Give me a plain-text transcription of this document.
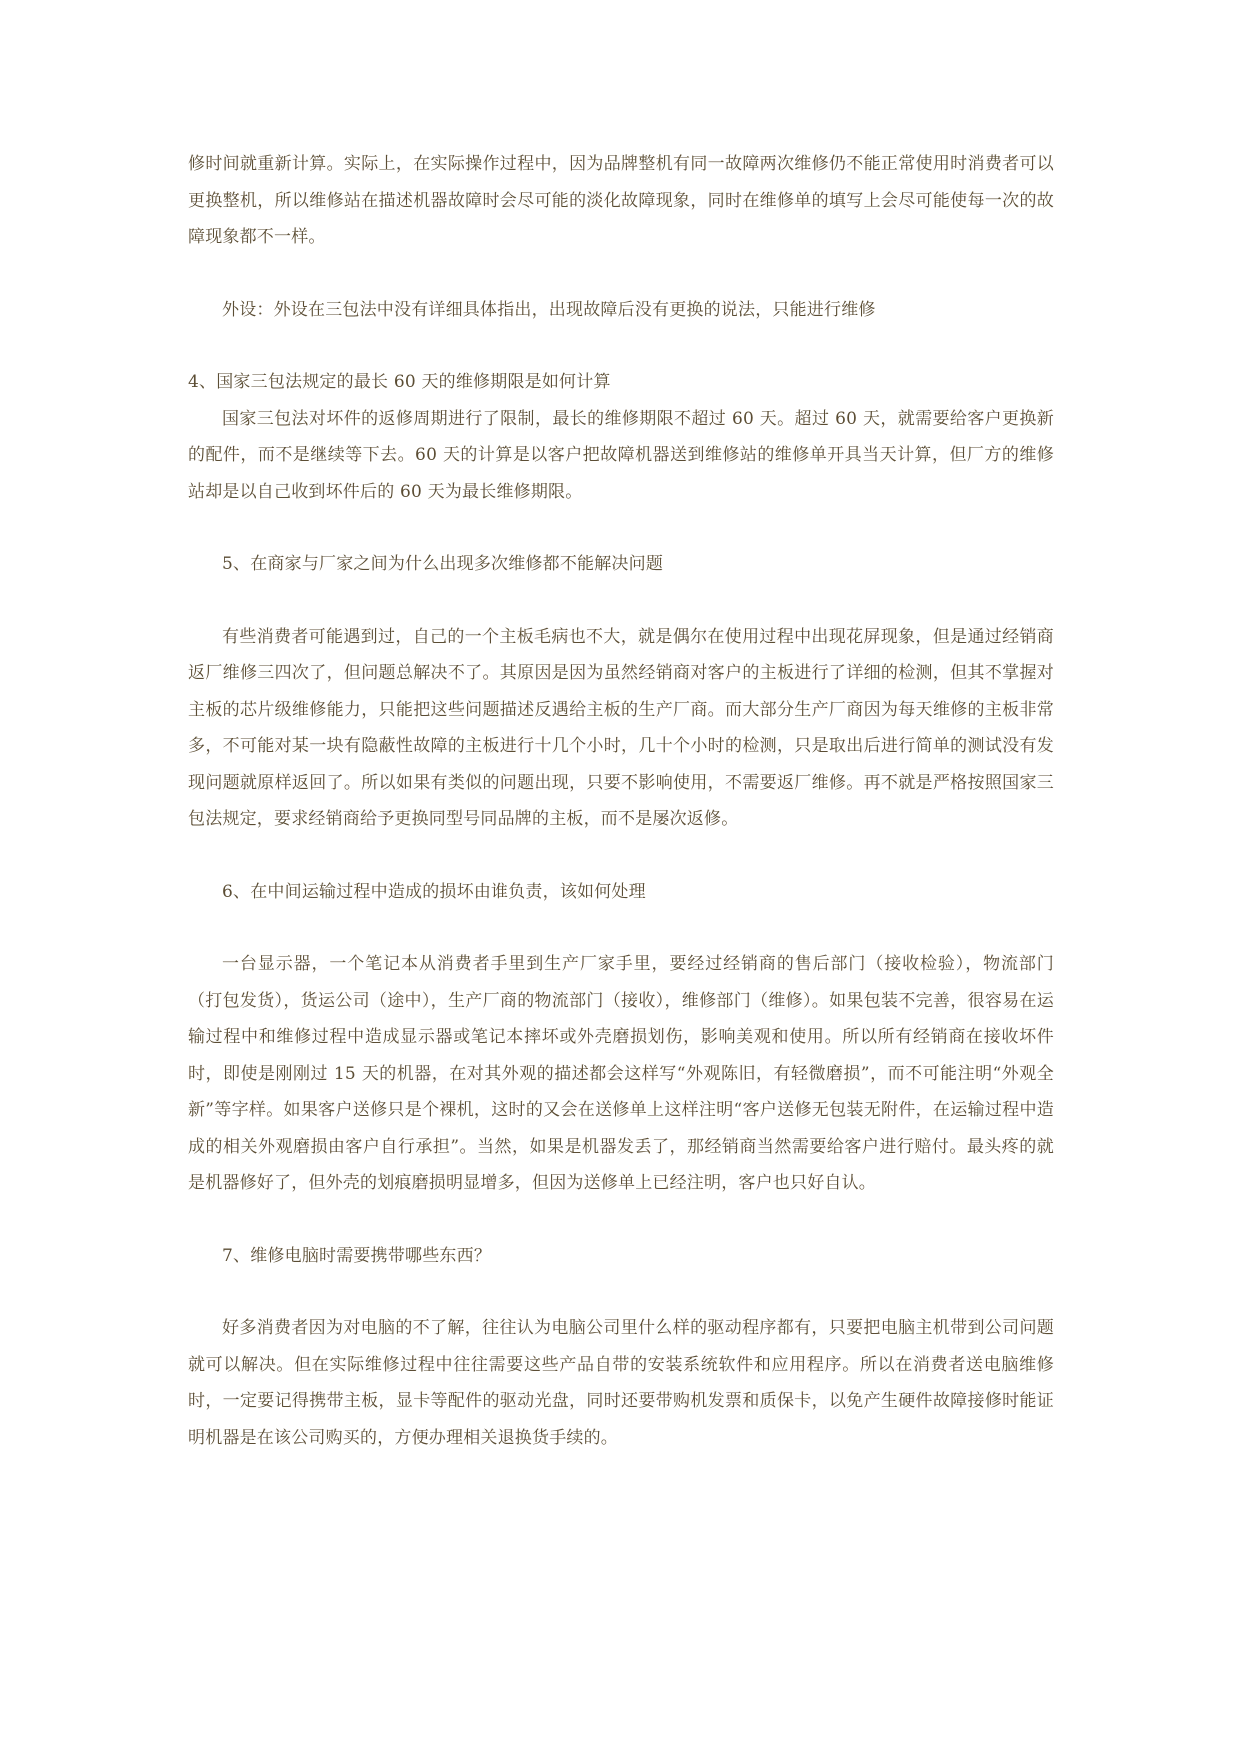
修时间就重新计算。实际上，在实际操作过程中，因为品牌整机有同一故障两次维修仍不能正常使用时消费者可以更换整机，所以维修站在描述机器故障时会尽可能的淡化故障现象，同时在维修单的填写上会尽可能使每一次的故障现象都不一样。

外设：外设在三包法中没有详细具体指出，出现故障后没有更换的说法，只能进行维修

4、国家三包法规定的最长 60 天的维修期限是如何计算

国家三包法对坏件的返修周期进行了限制，最长的维修期限不超过 60 天。超过 60 天，就需要给客户更换新的配件，而不是继续等下去。60 天的计算是以客户把故障机器送到维修站的维修单开具当天计算，但厂方的维修站却是以自己收到坏件后的 60 天为最长维修期限。

5、在商家与厂家之间为什么出现多次维修都不能解决问题

有些消费者可能遇到过，自己的一个主板毛病也不大，就是偶尔在使用过程中出现花屏现象，但是通过经销商返厂维修三四次了，但问题总解决不了。其原因是因为虽然经销商对客户的主板进行了详细的检测，但其不掌握对主板的芯片级维修能力，只能把这些问题描述反遇给主板的生产厂商。而大部分生产厂商因为每天维修的主板非常多，不可能对某一块有隐蔽性故障的主板进行十几个小时，几十个小时的检测，只是取出后进行简单的测试没有发现问题就原样返回了。所以如果有类似的问题出现，只要不影响使用，不需要返厂维修。再不就是严格按照国家三包法规定，要求经销商给予更换同型号同品牌的主板，而不是屡次返修。

6、在中间运输过程中造成的损坏由谁负责，该如何处理

一台显示器，一个笔记本从消费者手里到生产厂家手里，要经过经销商的售后部门（接收检验），物流部门（打包发货），货运公司（途中），生产厂商的物流部门（接收），维修部门（维修）。如果包装不完善，很容易在运输过程中和维修过程中造成显示器或笔记本摔坏或外壳磨损划伤，影响美观和使用。所以所有经销商在接收坏件时，即使是刚刚过 15 天的机器，在对其外观的描述都会这样写“外观陈旧，有轻微磨损”，而不可能注明“外观全新”等字样。如果客户送修只是个裸机，这时的又会在送修单上这样注明“客户送修无包装无附件，在运输过程中造成的相关外观磨损由客户自行承担”。当然，如果是机器发丢了，那经销商当然需要给客户进行赔付。最头疼的就是机器修好了，但外壳的划痕磨损明显增多，但因为送修单上已经注明，客户也只好自认。

7、维修电脑时需要携带哪些东西？

好多消费者因为对电脑的不了解，往往认为电脑公司里什么样的驱动程序都有，只要把电脑主机带到公司问题就可以解决。但在实际维修过程中往往需要这些产品自带的安装系统软件和应用程序。所以在消费者送电脑维修时，一定要记得携带主板，显卡等配件的驱动光盘，同时还要带购机发票和质保卡，以免产生硬件故障接修时能证明机器是在该公司购买的，方便办理相关退换货手续的。
